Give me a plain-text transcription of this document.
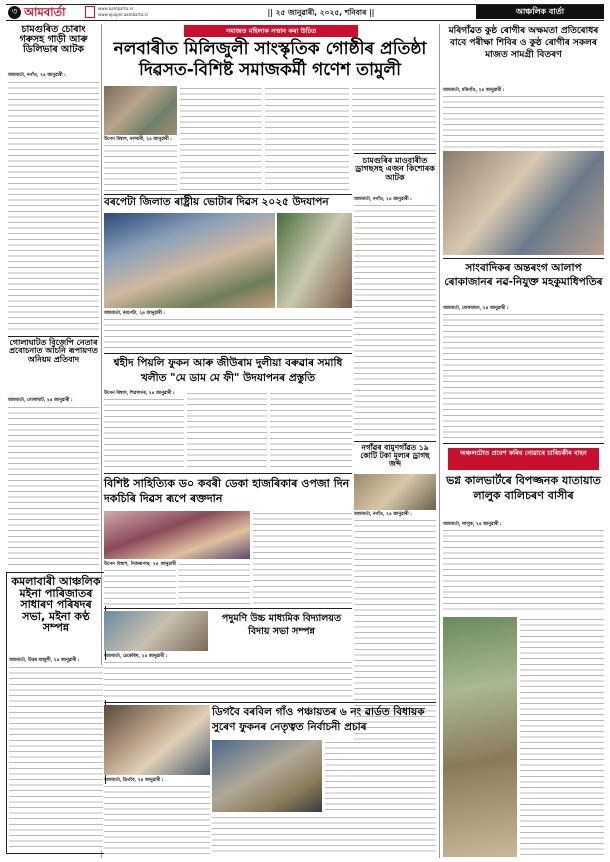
৩ আমবাৰ্তা	www.aambarta.in
www.epaper.aambarta.in	|| ২৫ জানুৱাৰী, ২০২৫, শনিবাৰ ||	আঞ্চলিক বাৰ্তা
চামগুৰিত চোৰাং গৰুসহ গাড়ী আৰু ডিলিভাৰ আটক
আমবাৰ্তা, নগাঁও, ২৪ জানুৱাৰী :
গোলাঘাটত বিজেপি নেতাৰ প্ৰবোচনাত আঁচনি ৰূপায়ণত অনিয়ম প্ৰতিবাদ
আমবাৰ্তা, গোলাঘাট, ২৪ জানুৱাৰী :
কমলাবাৰী আঞ্চলিক মইনা পাৰিজাতৰ সাধাৰণ পৰিষদৰ সভা, মইনা কণ্ঠ সম্পন্ন
আমবাৰ্তা, উত্তৰ মাজুলী, ২৪ জানুৱাৰী :
সমাজত মহিলাক সম্মান কৰা উচিত
নলবাৰীত মিলিজুলী সাংস্কৃতিক গোষ্ঠীৰ প্ৰতিষ্ঠা দিৱসত-বিশিষ্ট সমাজকৰ্মী গণেশ তামুলী
উপেন বিশ্বাস, নলবাৰী, ২৪ জানুৱাৰী :
বৰপেটা জিলাত ৰাষ্ট্ৰীয় ভোটাৰ দিৱস ২০২৫ উদযাপন
আমবাৰ্তা, বৰপেটা, ২৪ জানুৱাৰী :
চামগুৰিৰ মাওবাৰীত ড্ৰাগছসহ এজন কিশোৰক আটক
আমবাৰ্তা, নগাঁও, ২৪ জানুৱাৰী :
শ্বহীদ পিয়লি ফুকন আৰু জীউৰাম দুলীয়া বৰুৱাৰ সমাধি খলীত "মে ডাম মে ফী" উদযাপনৰ প্ৰস্তুতি
উপেন বিশ্বাস, শিৱসাগৰ, ২৪ জানুৱাৰী :
নগাঁৱৰ বামুণগাঁৱত ১৯ কোটি টকা মূল্যৰ ড্ৰাগছ জব্দ
আমবাৰ্তা, নগাঁও, ২৪ জানুৱাৰী :
বিশিষ্ট সাহিত্যিক ড০ কবৰী ডেকা হাজৰিকাৰ ওপজা দিন দকচিৰি দিৱস ৰূপে ৰক্তদান
উপেন বিশ্বাস, নিজৰাপাৰ, ২৪ জানুৱাৰী
পদুমণি উচ্চ মাধ্যমিক বিদ্যালয়ত বিদায় সভা সম্পন্ন
আমবাৰ্তা, ঢেকেৰিঘ, ২৪ জানুৱাৰী :
ডিগবৈ বৰবিল গাঁও পঞ্চায়তৰ ৬ নং ৱাৰ্ডত বিধায়ক সুৰেণ ফুকনৰ নেতৃত্বত নিৰ্বাচনী প্ৰচাৰ
আমবাৰ্তা, ডিগবৈ, ২৪ জানুৱাৰী :
মৰিগাঁৱত কুষ্ঠ ৰোগীৰ অক্ষমতা প্ৰতিৰোধৰ বাবে পৰীক্ষা শিবিৰ ও কুষ্ঠ ৰোগীৰ সকলৰ মাজত সামগ্ৰী বিতৰণ
আমবাৰ্তা, মৰিগাঁও, ২৪ জানুৱাৰী :
সাংবাদিকৰ অন্তৰংগ আলাপ ৰোকাজানৰ নৱ-নিযুক্ত মহকুমাধিপতিৰ
আমবাৰ্তা, বোকাজান, ২৪ জানুৱাৰী :
অঞ্চলটোত প্ৰবেশ কৰিব নোৱাৰে চাৰিচকীৰ বাহন
ভগ্ন কালভাৰ্টৰে বিপজ্জনক যাতায়াত লালুক বালিচৰণ বাসীৰ
আমবাৰ্তা, লালুক, ২৪ জানুৱাৰী :
